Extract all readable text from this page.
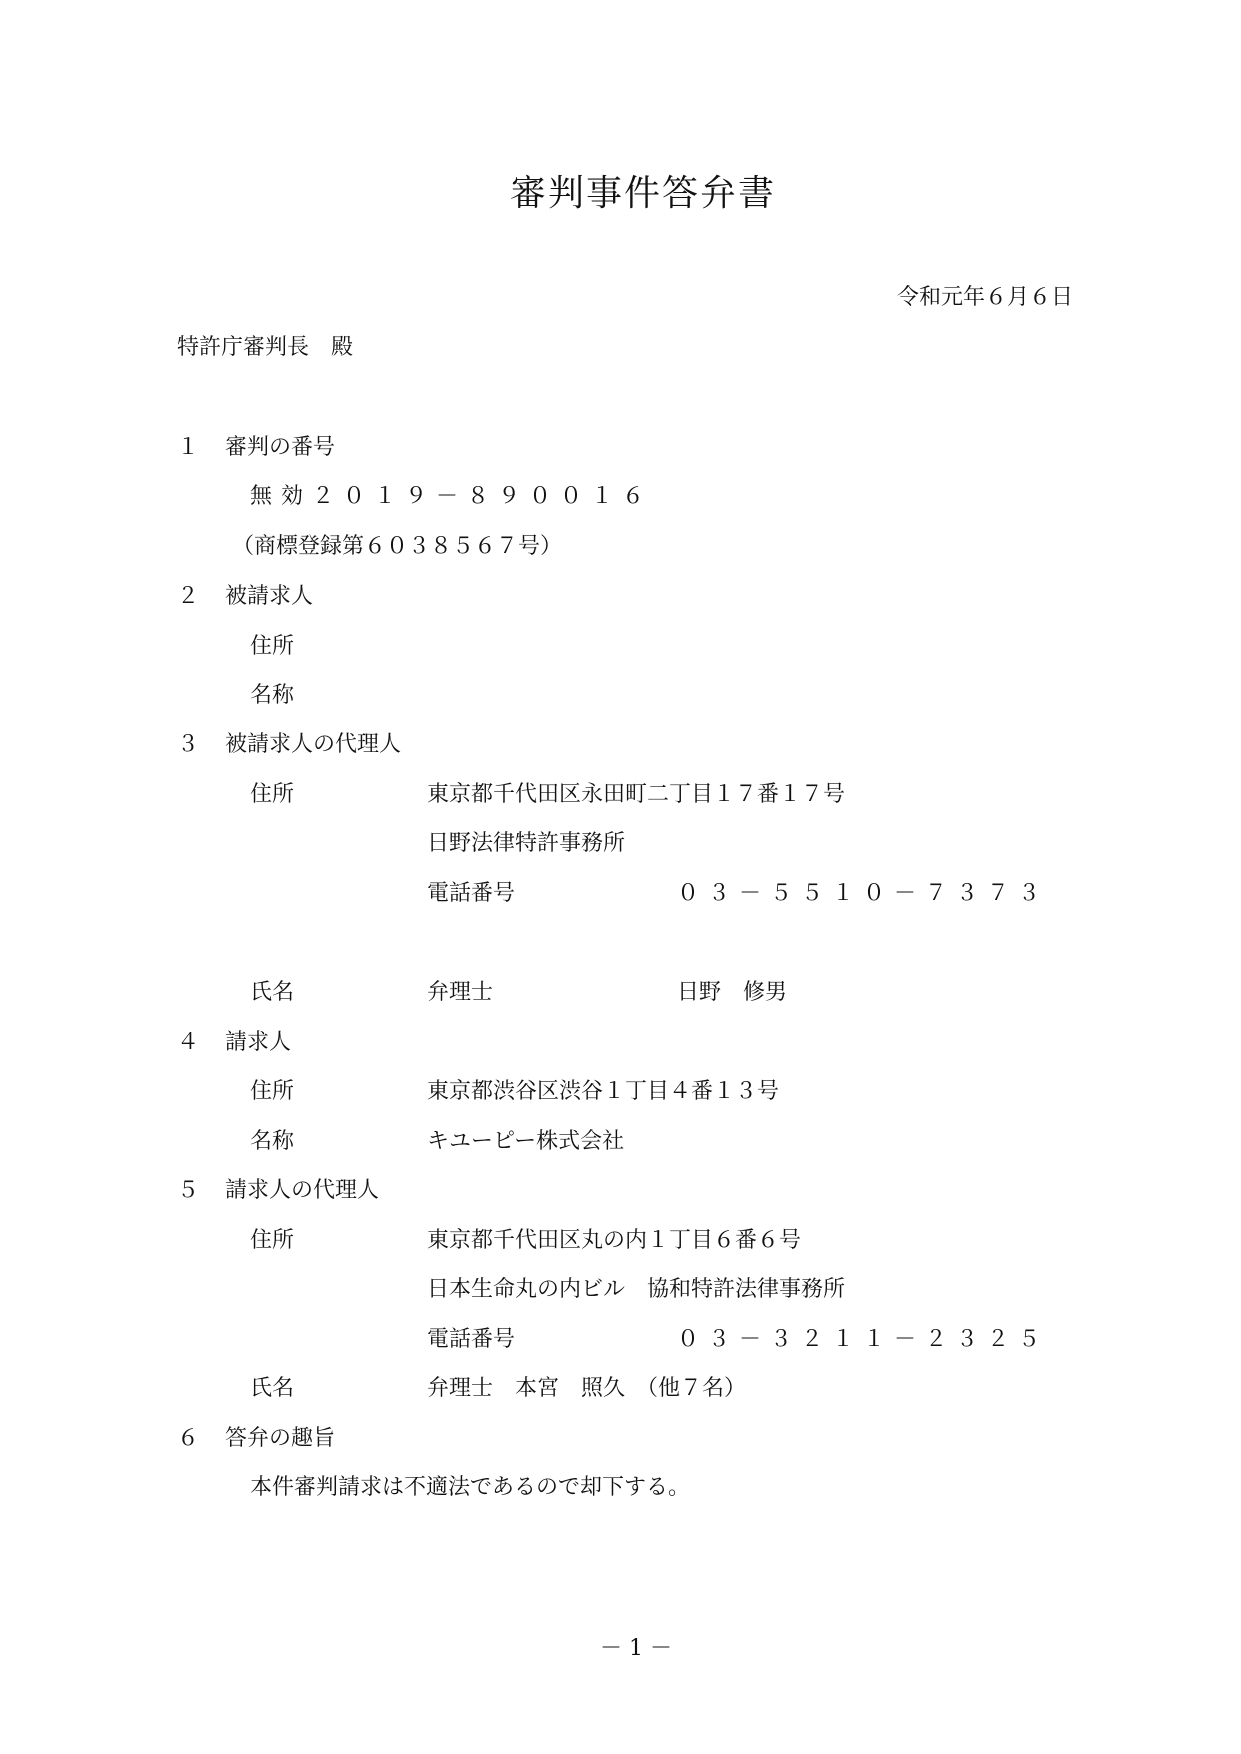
審判事件答弁書
令和元年６月６日
特許庁審判長　殿
１ 審判の番号
無効２０１９－８９００１６
（商標登録第６０３８５６７号）
２ 被請求人
住所
名称
３ 被請求人の代理人
住所	東京都千代田区永田町二丁目１７番１７号
日野法律特許事務所
電話番号	０３－５５１０－７３７３
氏名	弁理士	日野　修男
４ 請求人
住所	東京都渋谷区渋谷１丁目４番１３号
名称	キユーピー株式会社
５ 請求人の代理人
住所	東京都千代田区丸の内１丁目６番６号
日本生命丸の内ビル　協和特許法律事務所
電話番号	０３－３２１１－２３２５
氏名	弁理士　本宮　照久　（他７名）
６ 答弁の趣旨
本件審判請求は不適法であるので却下する。
－ 1 －
